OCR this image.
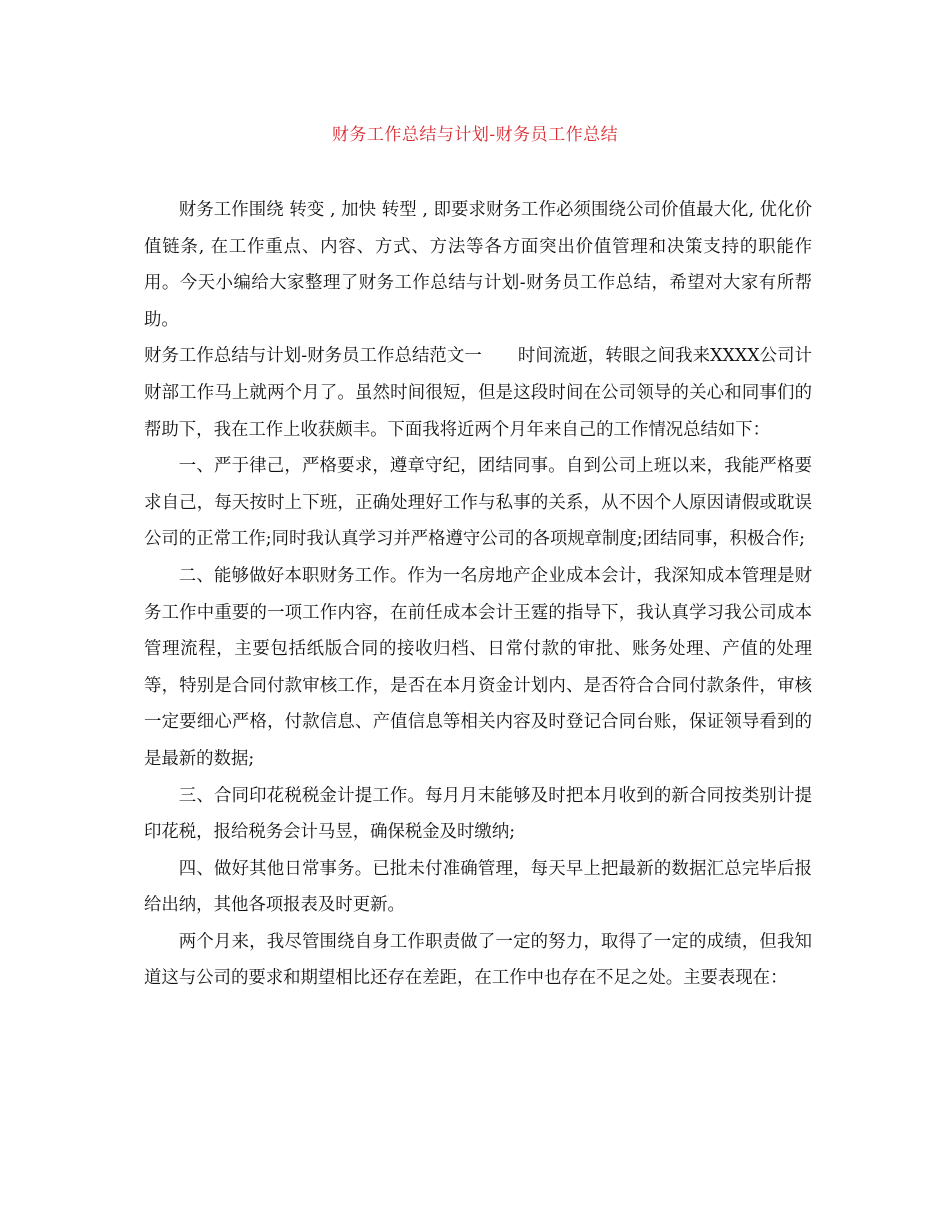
财务工作总结与计划-财务员工作总结

财务工作围绕 转变 , 加快 转型 , 即要求财务工作必须围绕公司价值最大化, 优化价值链条, 在工作重点、内容、方式、方法等各方面突出价值管理和决策支持的职能作用。今天小编给大家整理了财务工作总结与计划-财务员工作总结，希望对大家有所帮助。

财务工作总结与计划-财务员工作总结范文一 时间流逝，转眼之间我来XXXX公司计财部工作马上就两个月了。虽然时间很短，但是这段时间在公司领导的关心和同事们的帮助下，我在工作上收获颇丰。下面我将近两个月年来自己的工作情况总结如下：

一、严于律己，严格要求，遵章守纪，团结同事。自到公司上班以来，我能严格要求自己，每天按时上下班，正确处理好工作与私事的关系，从不因个人原因请假或耽误公司的正常工作;同时我认真学习并严格遵守公司的各项规章制度;团结同事，积极合作;

二、能够做好本职财务工作。作为一名房地产企业成本会计，我深知成本管理是财务工作中重要的一项工作内容，在前任成本会计王霆的指导下，我认真学习我公司成本管理流程，主要包括纸版合同的接收归档、日常付款的审批、账务处理、产值的处理等，特别是合同付款审核工作，是否在本月资金计划内、是否符合合同付款条件，审核一定要细心严格，付款信息、产值信息等相关内容及时登记合同台账，保证领导看到的是最新的数据;

三、合同印花税税金计提工作。每月月末能够及时把本月收到的新合同按类别计提印花税，报给税务会计马昱，确保税金及时缴纳;

四、做好其他日常事务。已批未付准确管理，每天早上把最新的数据汇总完毕后报给出纳，其他各项报表及时更新。

两个月来，我尽管围绕自身工作职责做了一定的努力，取得了一定的成绩，但我知道这与公司的要求和期望相比还存在差距，在工作中也存在不足之处。主要表现在：
